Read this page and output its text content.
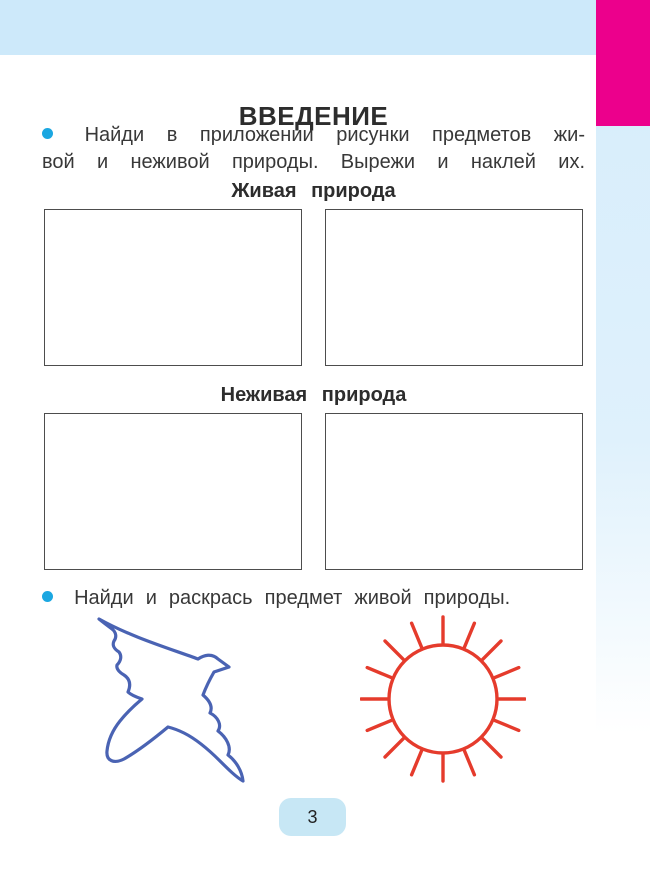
ВВЕДЕНИЕ
Найди в приложении рисунки предметов жи-
вой и неживой природы. Вырежи и наклей их.
Живая природа
Неживая природа
Найди и раскрась предмет живой природы.
3
